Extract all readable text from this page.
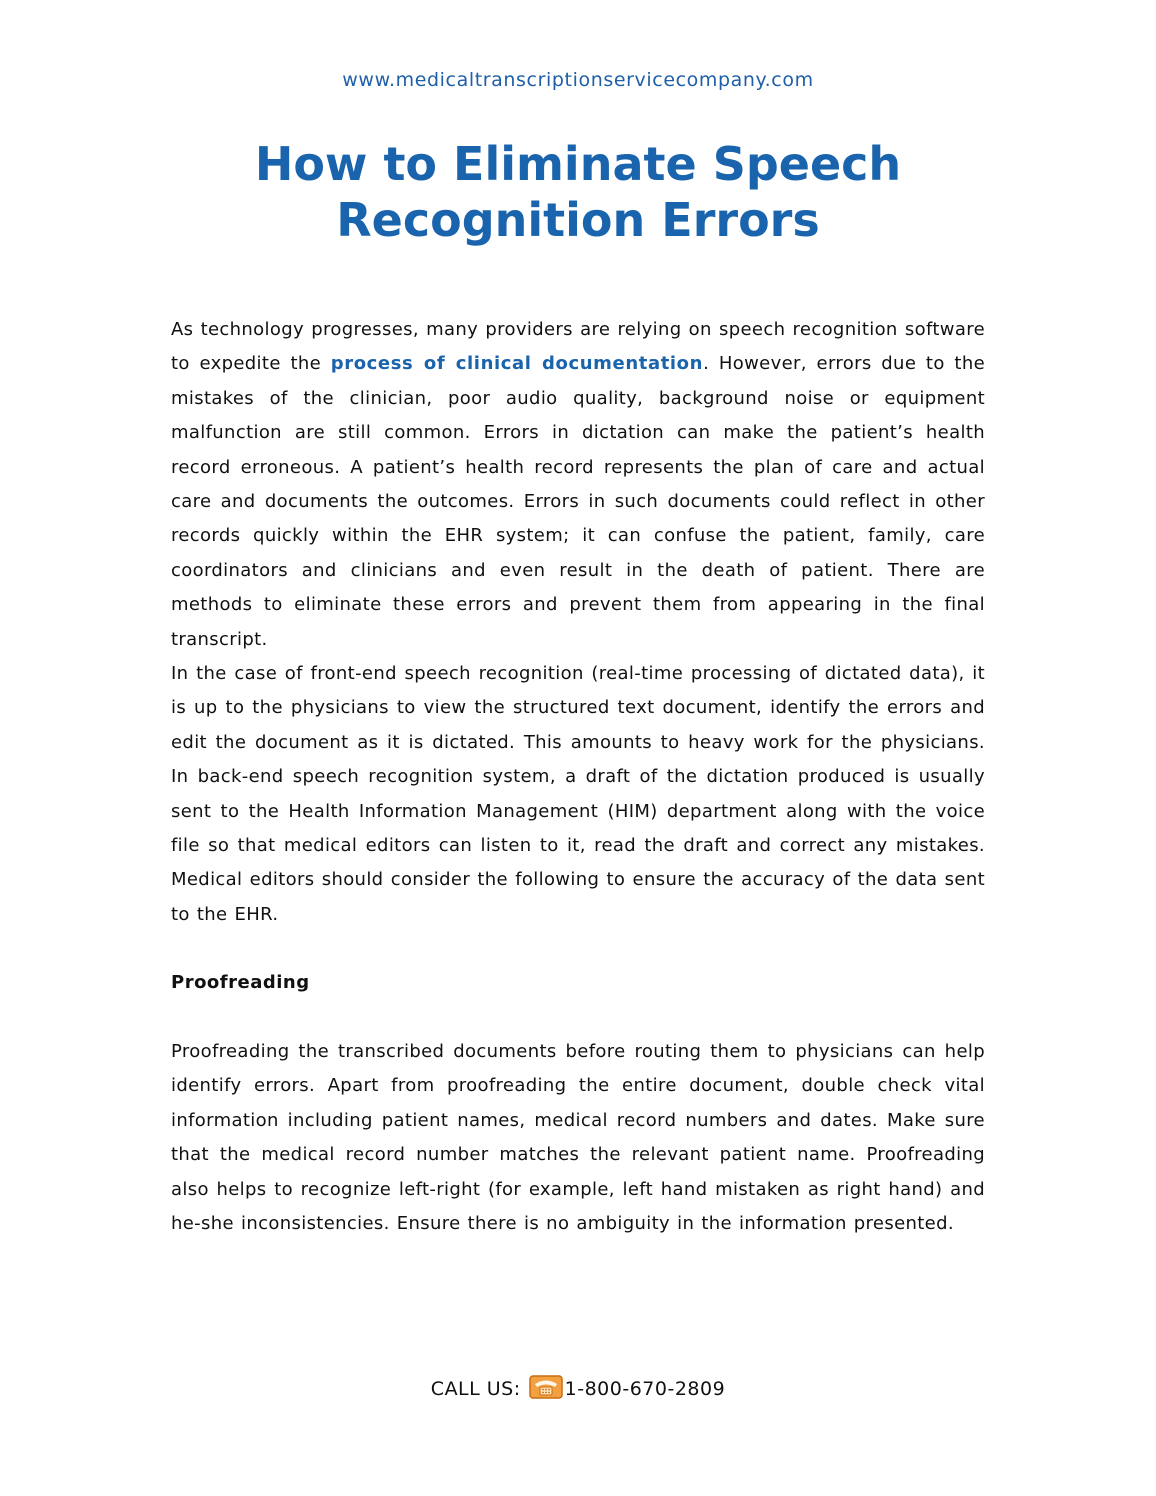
www.medicaltranscriptionservicecompany.com
How to Eliminate Speech
Recognition Errors

As technology progresses, many providers are relying on speech recognition software to expedite the process of clinical documentation. However, errors due to the mistakes of the clinician, poor audio quality, background noise or equipment malfunction are still common. Errors in dictation can make the patient’s health record erroneous. A patient’s health record represents the plan of care and actual care and documents the outcomes. Errors in such documents could reflect in other records quickly within the EHR system; it can confuse the patient, family, care coordinators and clinicians and even result in the death of patient. There are methods to eliminate these errors and prevent them from appearing in the final transcript.

In the case of front-end speech recognition (real-time processing of dictated data), it is up to the physicians to view the structured text document, identify the errors and edit the document as it is dictated. This amounts to heavy work for the physicians. In back-end speech recognition system, a draft of the dictation produced is usually sent to the Health Information Management (HIM) department along with the voice file so that medical editors can listen to it, read the draft and correct any mistakes. Medical editors should consider the following to ensure the accuracy of the data sent to the EHR.

Proofreading

Proofreading the transcribed documents before routing them to physicians can help identify errors. Apart from proofreading the entire document, double check vital information including patient names, medical record numbers and dates. Make sure that the medical record number matches the relevant patient name. Proofreading also helps to recognize left-right (for example, left hand mistaken as right hand) and he-she inconsistencies. Ensure there is no ambiguity in the information presented.

CALL US: 1-800-670-2809
